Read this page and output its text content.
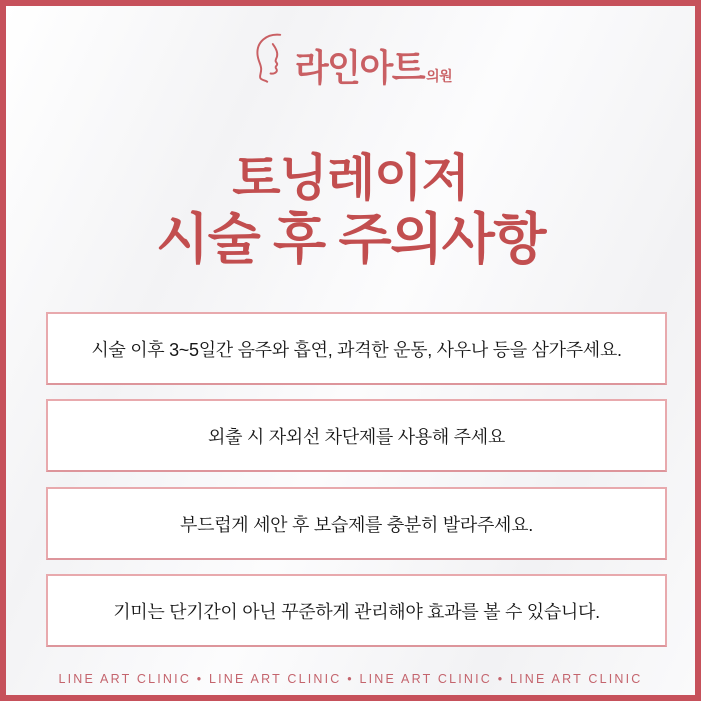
라인아트 의원
토닝레이저
시술 후 주의사항
시술 이후 3~5일간 음주와 흡연, 과격한 운동, 사우나 등을 삼가주세요.
외출 시 자외선 차단제를 사용해 주세요
부드럽게 세안 후 보습제를 충분히 발라주세요.
기미는 단기간이 아닌 꾸준하게 관리해야 효과를 볼 수 있습니다.
LINE ART CLINIC • LINE ART CLINIC • LINE ART CLINIC • LINE ART CLINIC
